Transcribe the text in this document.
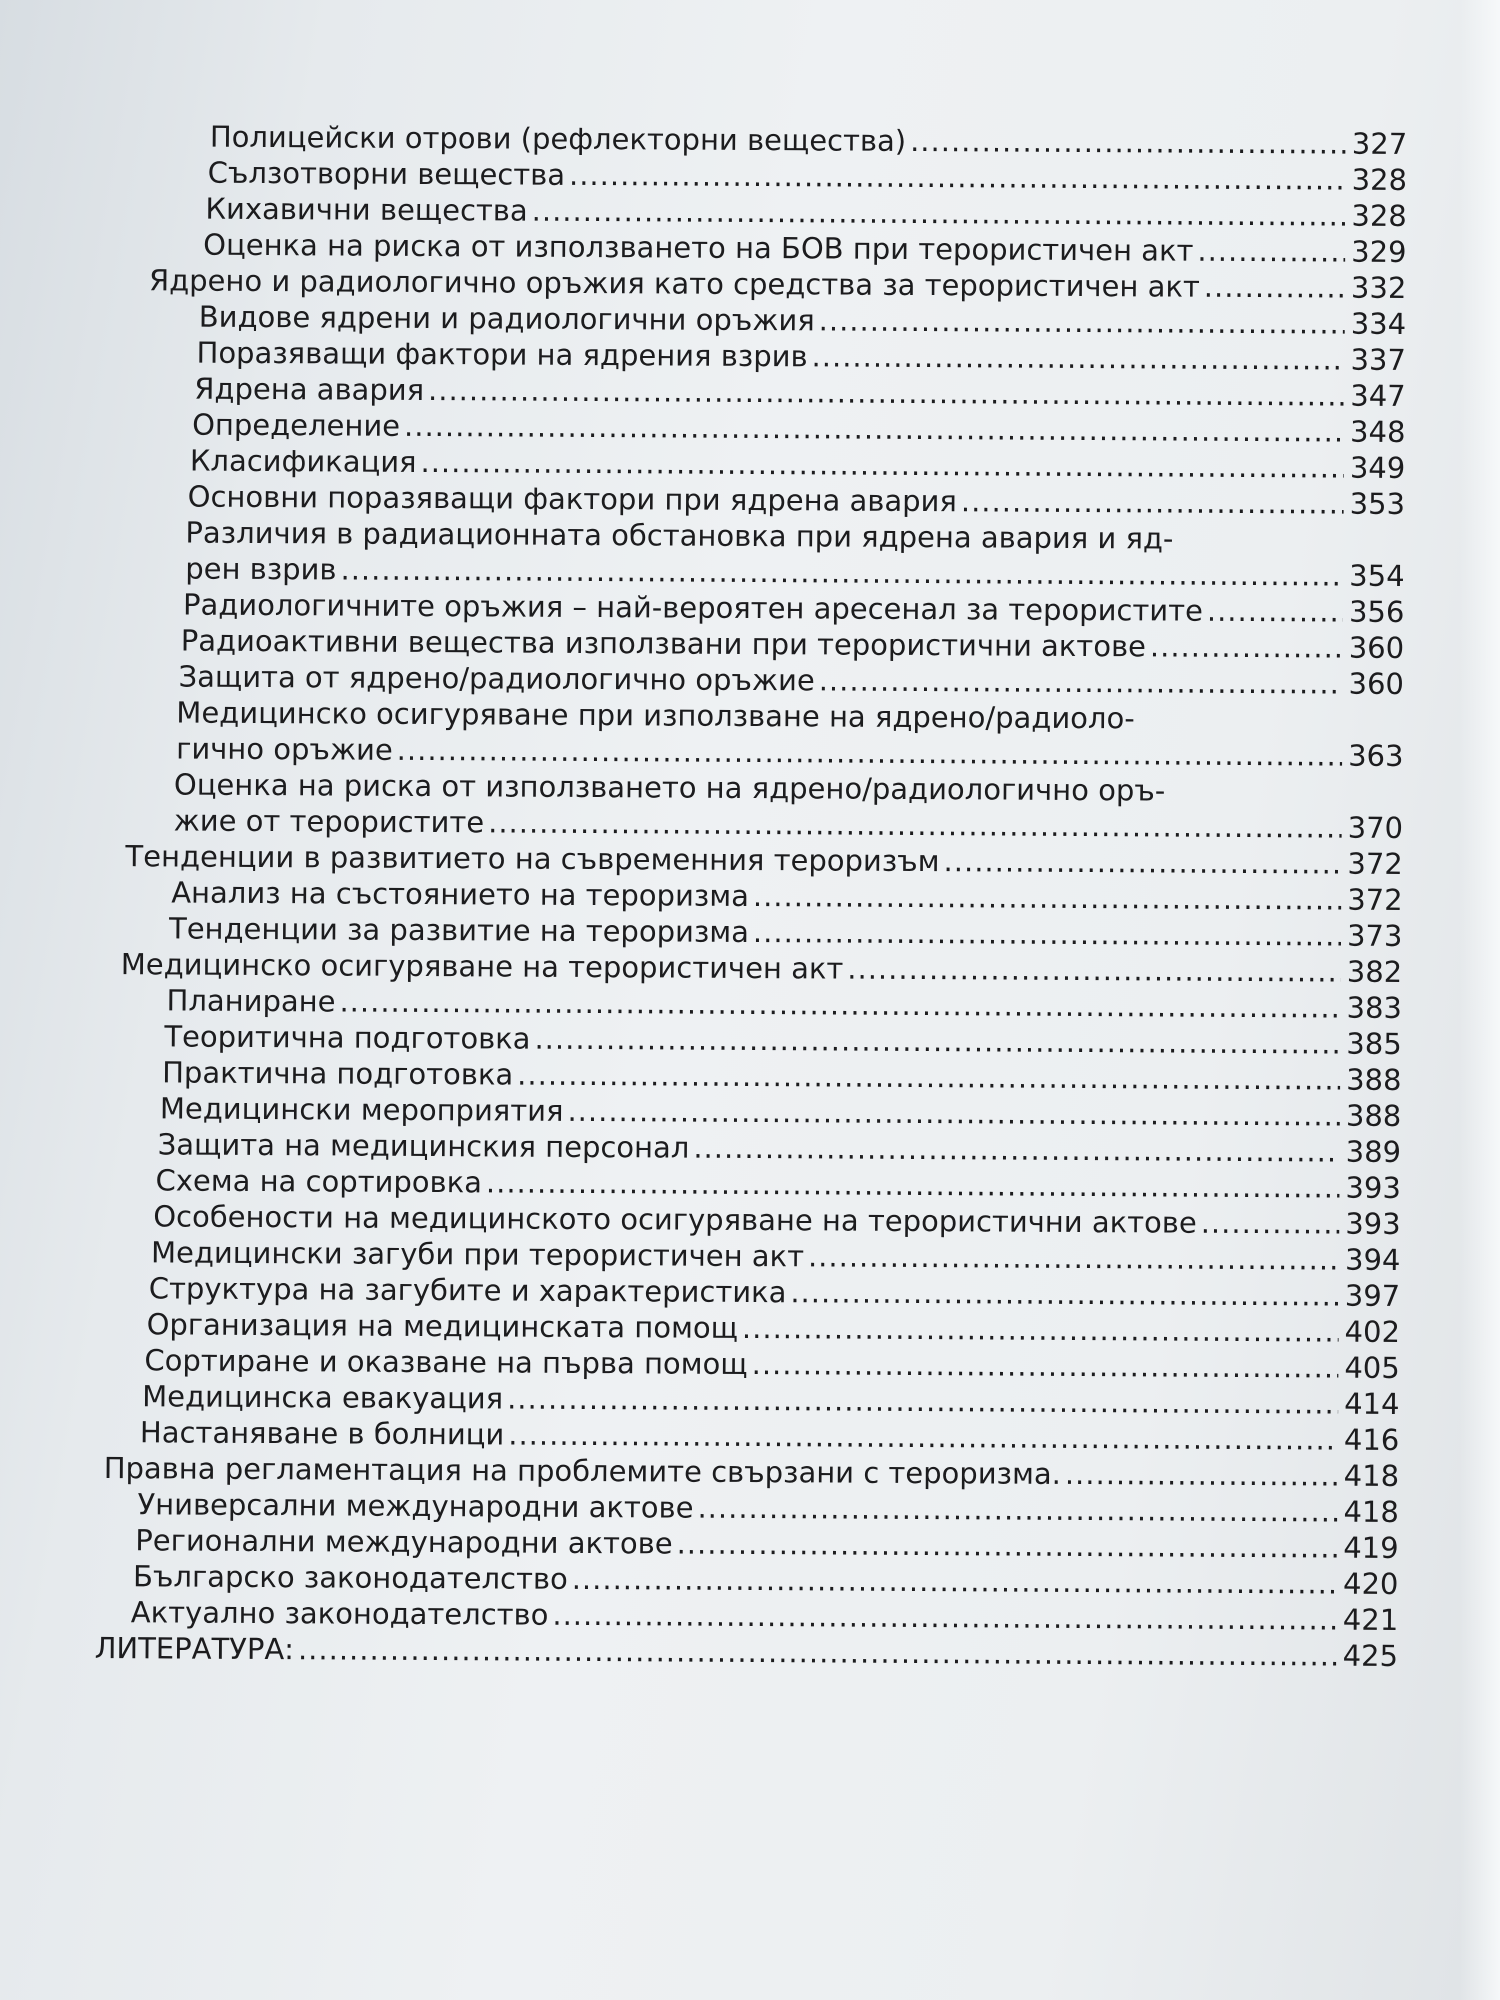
Полицейски отрови (рефлекторни вещества) .....	327
Сълзотворни вещества .....	328
Кихавични вещества .....	328
Оценка на риска от използването на БОВ при терористичен акт .....	329
Ядрено и радиологично оръжия като средства за терористичен акт .....	332
Видове ядрени и радиологични оръжия .....	334
Поразяващи фактори на ядрения взрив .....	337
Ядрена авария .....	347
Определение .....	348
Класификация .....	349
Основни поразяващи фактори при ядрена авария .....	353
Различия в радиационната обстановка при ядрена авария и яд-
рен взрив .....	354
Радиологичните оръжия – най-вероятен аресенал за терористите .....	356
Радиоактивни вещества използвани при терористични актове .....	360
Защита от ядрено/радиологично оръжие .....	360
Медицинско осигуряване при използване на ядрено/радиоло-
гично оръжие .....	363
Оценка на риска от използването на ядрено/радиологично оръ-
жие от терористите .....	370
Тенденции в развитието на съвременния тероризъм .....	372
Анализ на състоянието на тероризма .....	372
Тенденции за развитие на тероризма .....	373
Медицинско осигуряване на терористичен акт .....	382
Планиране .....	383
Теоритична подготовка .....	385
Практична подготовка .....	388
Медицински мероприятия .....	388
Защита на медицинския персонал .....	389
Схема на сортировка .....	393
Особености на медицинското осигуряване на терористични актове .....	393
Медицински загуби при терористичен акт .....	394
Структура на загубите и характеристика .....	397
Организация на медицинската помощ .....	402
Сортиране и оказване на първа помощ .....	405
Медицинска евакуация .....	414
Настаняване в болници .....	416
Правна регламентация на проблемите свързани с тероризма. .....	418
Универсални международни актове .....	418
Регионални международни актове .....	419
Българско законодателство .....	420
Актуално законодателство .....	421
ЛИТЕРАТУРА: .....	425
